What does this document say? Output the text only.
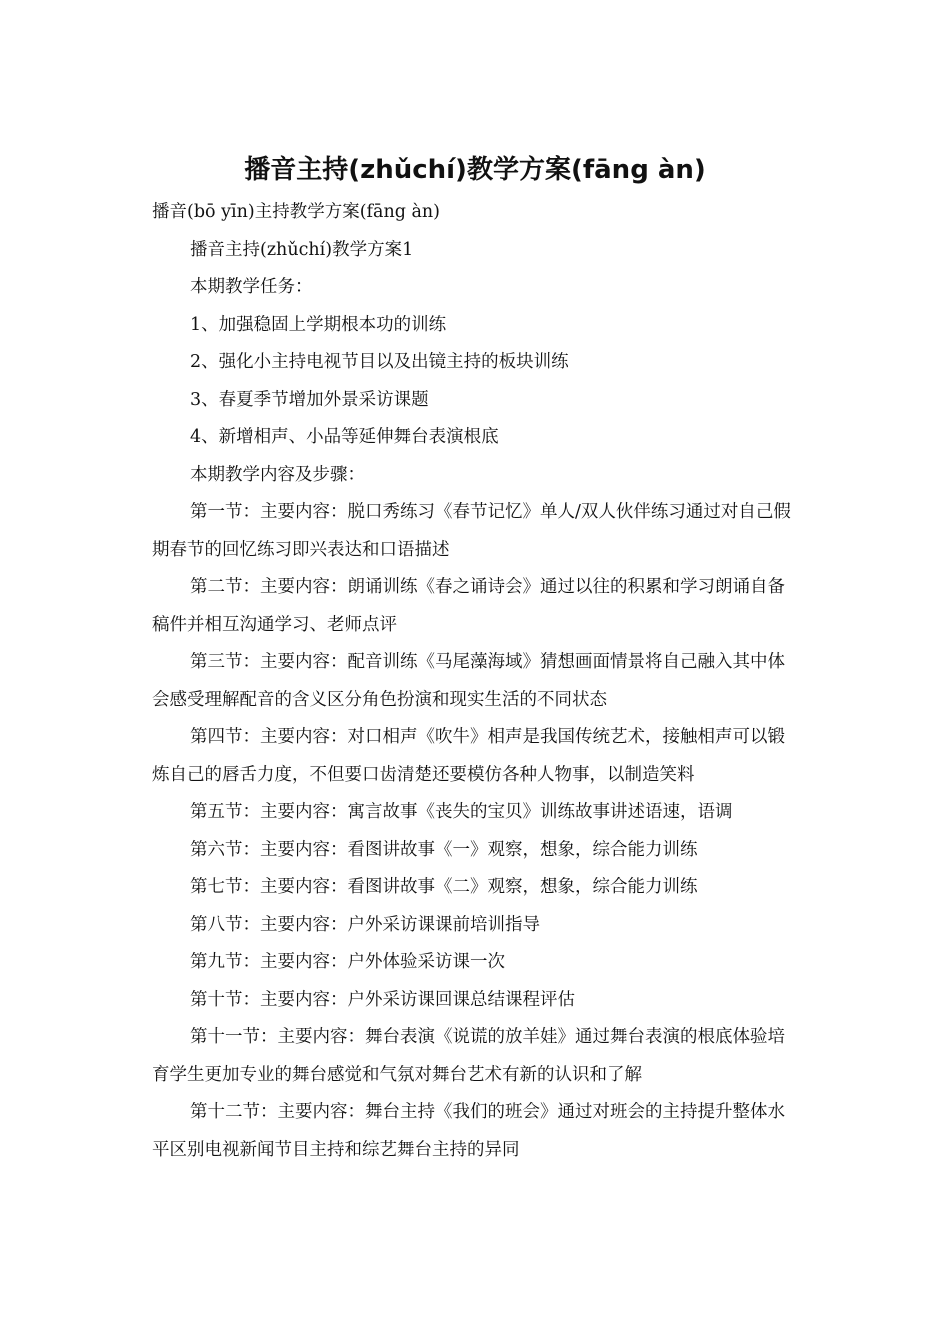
播音主持(zhǔchí)教学方案(fāng àn)

播音(bō yīn)主持教学方案(fāng àn)

播音主持(zhǔchí)教学方案1

本期教学任务：

1、加强稳固上学期根本功的训练

2、强化小主持电视节目以及出镜主持的板块训练

3、春夏季节增加外景采访课题

4、新增相声、小品等延伸舞台表演根底

本期教学内容及步骤：

第一节：主要内容：脱口秀练习《春节记忆》单人/双人伙伴练习通过对自己假期春节的回忆练习即兴表达和口语描述

第二节：主要内容：朗诵训练《春之诵诗会》通过以往的积累和学习朗诵自备稿件并相互沟通学习、老师点评

第三节：主要内容：配音训练《马尾藻海域》猜想画面情景将自己融入其中体会感受理解配音的含义区分角色扮演和现实生活的不同状态

第四节：主要内容：对口相声《吹牛》相声是我国传统艺术，接触相声可以锻炼自己的唇舌力度，不但要口齿清楚还要模仿各种人物事，以制造笑料

第五节：主要内容：寓言故事《丧失的宝贝》训练故事讲述语速，语调

第六节：主要内容：看图讲故事《一》观察，想象，综合能力训练

第七节：主要内容：看图讲故事《二》观察，想象，综合能力训练

第八节：主要内容：户外采访课课前培训指导

第九节：主要内容：户外体验采访课一次

第十节：主要内容：户外采访课回课总结课程评估

第十一节：主要内容：舞台表演《说谎的放羊娃》通过舞台表演的根底体验培育学生更加专业的舞台感觉和气氛对舞台艺术有新的认识和了解

第十二节：主要内容：舞台主持《我们的班会》通过对班会的主持提升整体水平区别电视新闻节目主持和综艺舞台主持的异同
